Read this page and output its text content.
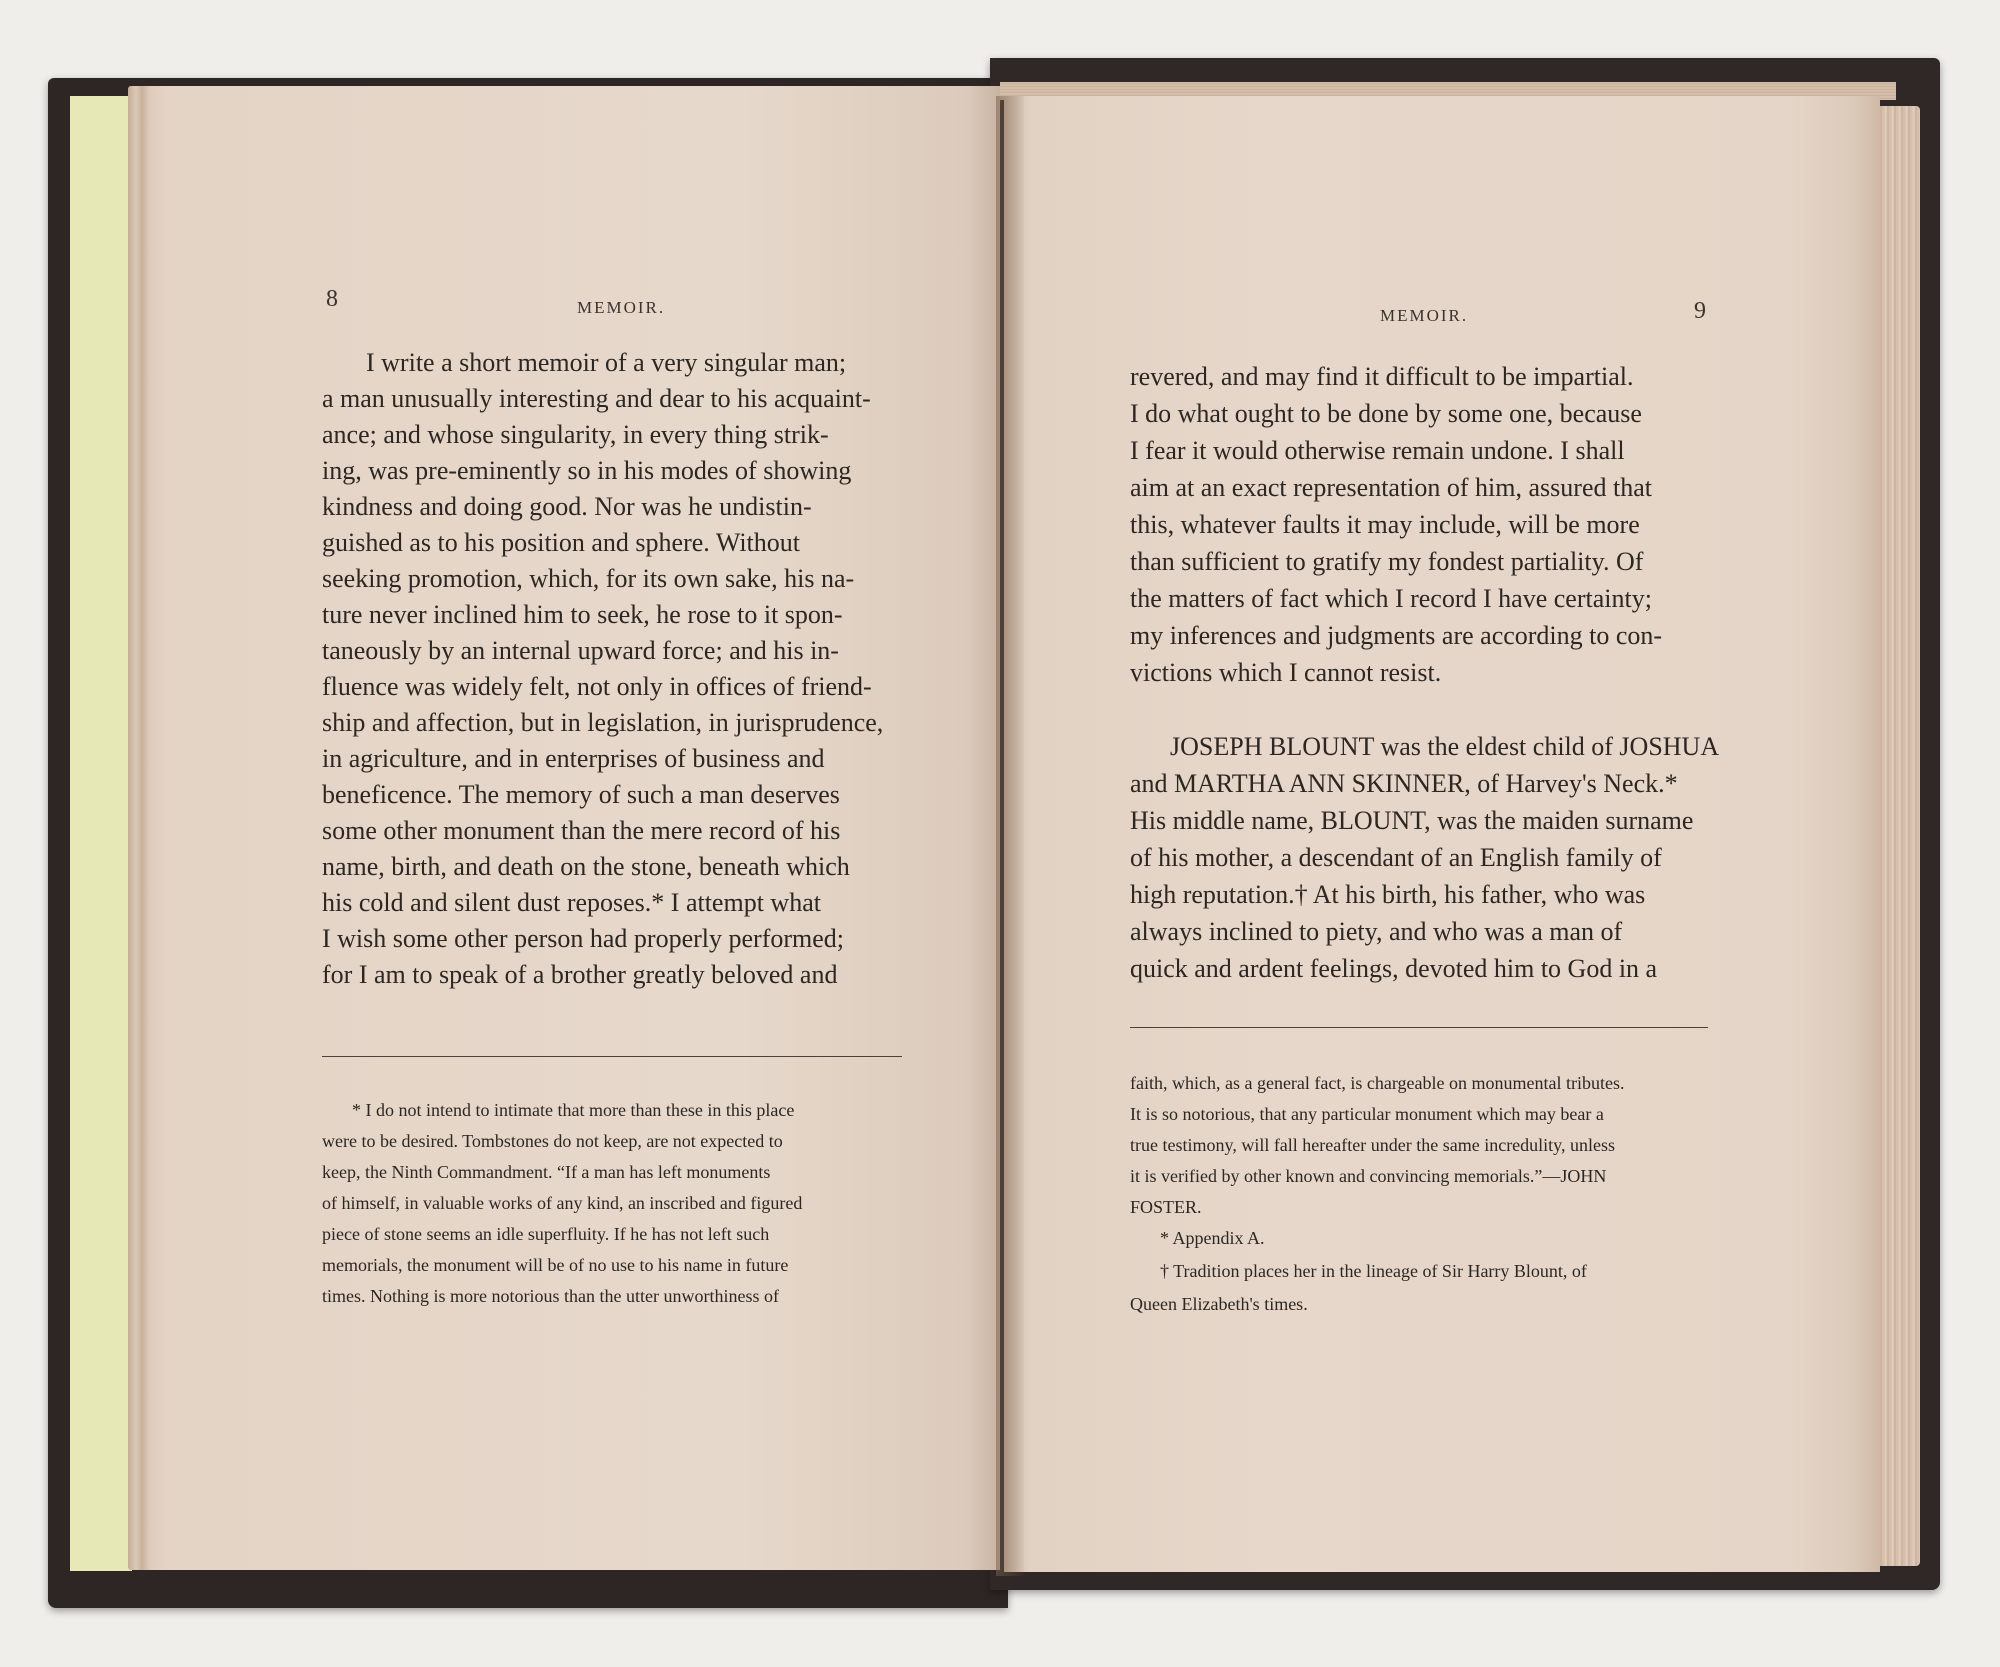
8	MEMOIR.
I write a short memoir of a very singular man;
a man unusually interesting and dear to his acquaint-
ance; and whose singularity, in every thing strik-
ing, was pre-eminently so in his modes of showing
kindness and doing good. Nor was he undistin-
guished as to his position and sphere. Without
seeking promotion, which, for its own sake, his na-
ture never inclined him to seek, he rose to it spon-
taneously by an internal upward force; and his in-
fluence was widely felt, not only in offices of friend-
ship and affection, but in legislation, in jurisprudence,
in agriculture, and in enterprises of business and
beneficence. The memory of such a man deserves
some other monument than the mere record of his
name, birth, and death on the stone, beneath which
his cold and silent dust reposes.* I attempt what
I wish some other person had properly performed;
for I am to speak of a brother greatly beloved and
* I do not intend to intimate that more than these in this place
were to be desired. Tombstones do not keep, are not expected to
keep, the Ninth Commandment. “If a man has left monuments
of himself, in valuable works of any kind, an inscribed and figured
piece of stone seems an idle superfluity. If he has not left such
memorials, the monument will be of no use to his name in future
times. Nothing is more notorious than the utter unworthiness of
MEMOIR.	9
revered, and may find it difficult to be impartial.
I do what ought to be done by some one, because
I fear it would otherwise remain undone. I shall
aim at an exact representation of him, assured that
this, whatever faults it may include, will be more
than sufficient to gratify my fondest partiality. Of
the matters of fact which I record I have certainty;
my inferences and judgments are according to con-
victions which I cannot resist.
JOSEPH BLOUNT was the eldest child of JOSHUA
and MARTHA ANN SKINNER, of Harvey's Neck.*
His middle name, BLOUNT, was the maiden surname
of his mother, a descendant of an English family of
high reputation.† At his birth, his father, who was
always inclined to piety, and who was a man of
quick and ardent feelings, devoted him to God in a
faith, which, as a general fact, is chargeable on monumental tributes.
It is so notorious, that any particular monument which may bear a
true testimony, will fall hereafter under the same incredulity, unless
it is verified by other known and convincing memorials.”—JOHN
FOSTER.
* Appendix A.
† Tradition places her in the lineage of Sir Harry Blount, of
Queen Elizabeth's times.
